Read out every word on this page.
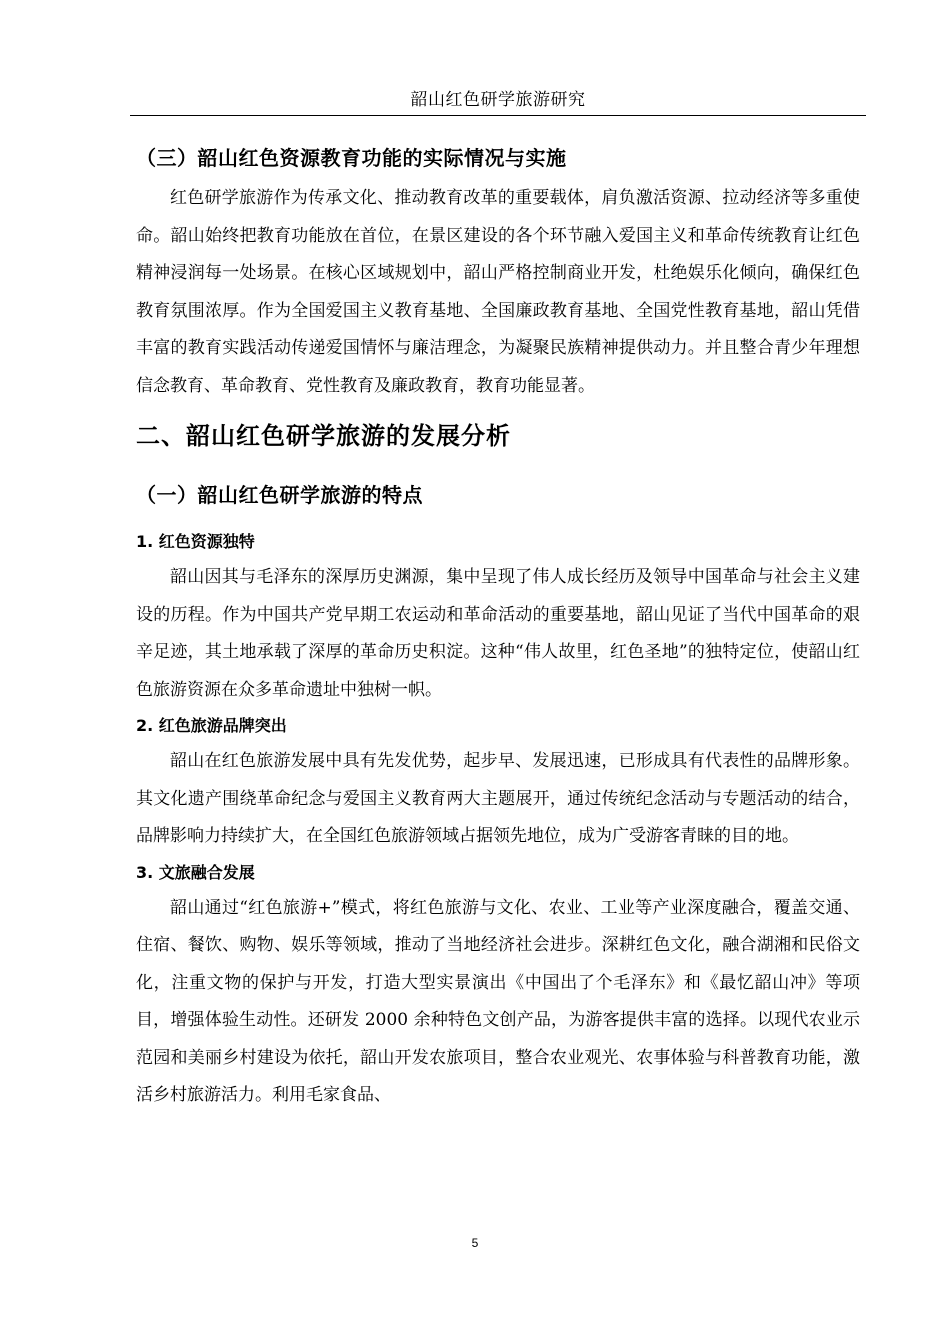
韶山红色研学旅游研究
（三）韶山红色资源教育功能的实际情况与实施

红色研学旅游作为传承文化、推动教育改革的重要载体，肩负激活资源、拉动经济等多重使命。韶山始终把教育功能放在首位，在景区建设的各个环节融入爱国主义和革命传统教育让红色精神浸润每一处场景。在核心区域规划中，韶山严格控制商业开发，杜绝娱乐化倾向，确保红色教育氛围浓厚。作为全国爱国主义教育基地、全国廉政教育基地、全国党性教育基地，韶山凭借丰富的教育实践活动传递爱国情怀与廉洁理念，为凝聚民族精神提供动力。并且整合青少年理想信念教育、革命教育、党性教育及廉政教育，教育功能显著。

二、韶山红色研学旅游的发展分析
（一）韶山红色研学旅游的特点
1. 红色资源独特

韶山因其与毛泽东的深厚历史渊源，集中呈现了伟人成长经历及领导中国革命与社会主义建设的历程。作为中国共产党早期工农运动和革命活动的重要基地，韶山见证了当代中国革命的艰辛足迹，其土地承载了深厚的革命历史积淀。这种“伟人故里，红色圣地”的独特定位，使韶山红色旅游资源在众多革命遗址中独树一帜。

2. 红色旅游品牌突出

韶山在红色旅游发展中具有先发优势，起步早、发展迅速，已形成具有代表性的品牌形象。其文化遗产围绕革命纪念与爱国主义教育两大主题展开，通过传统纪念活动与专题活动的结合，品牌影响力持续扩大，在全国红色旅游领域占据领先地位，成为广受游客青睐的目的地。

3. 文旅融合发展

韶山通过“红色旅游+”模式，将红色旅游与文化、农业、工业等产业深度融合，覆盖交通、住宿、餐饮、购物、娱乐等领域，推动了当地经济社会进步。深耕红色文化，融合湖湘和民俗文化，注重文物的保护与开发，打造大型实景演出《中国出了个毛泽东》和《最忆韶山冲》等项目，增强体验生动性。还研发 2000 余种特色文创产品，为游客提供丰富的选择。以现代农业示范园和美丽乡村建设为依托，韶山开发农旅项目，整合农业观光、农事体验与科普教育功能，激活乡村旅游活力。利用毛家食品、

5
